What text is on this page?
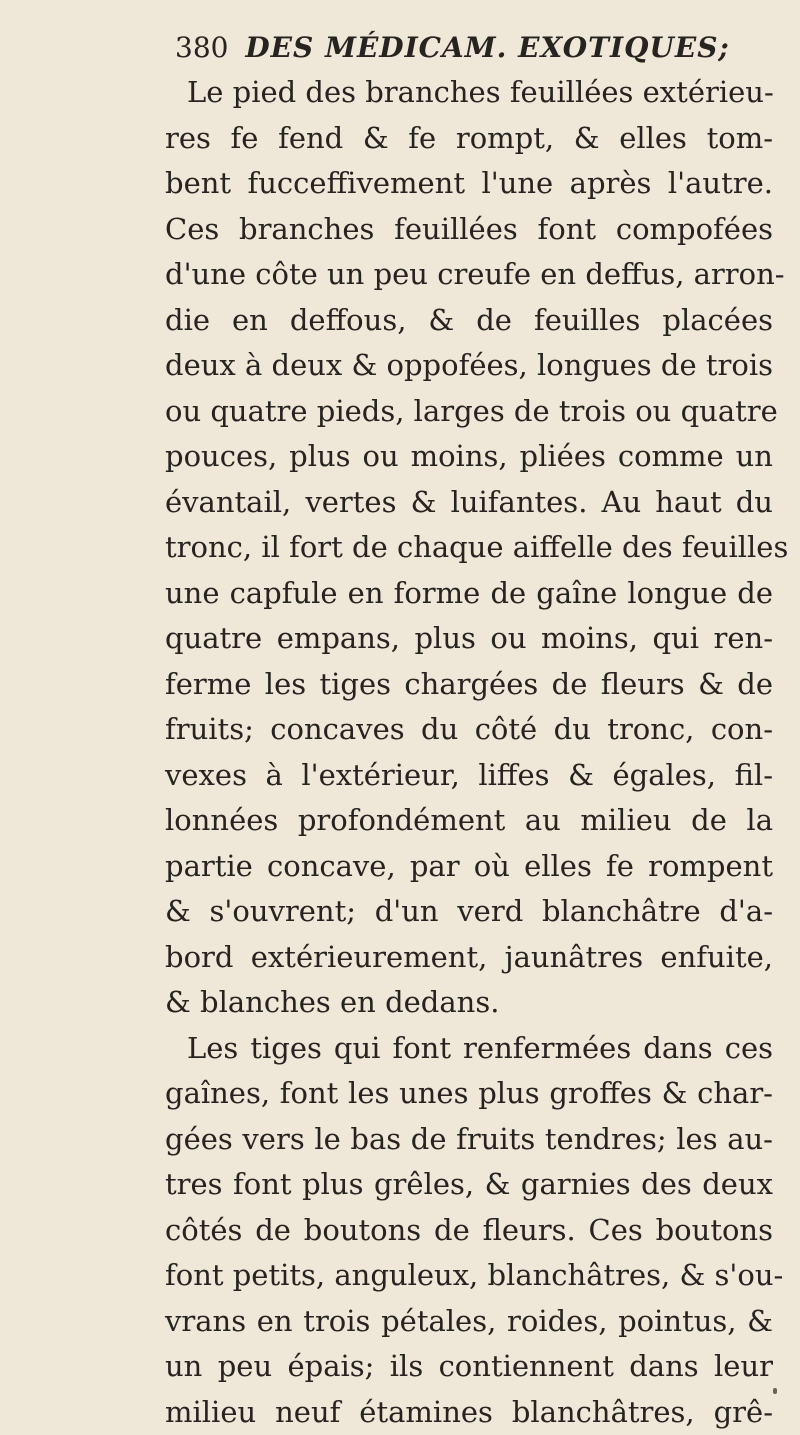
380 DES MÉDICAM. EXOTIQUES;
Le pied des branches feuillées extérieu-
res fe fend & fe rompt, & elles tom-
bent fucceffivement l'une après l'autre.
Ces branches feuillées font compofées
d'une côte un peu creufe en deffus, arron-
die en deffous, & de feuilles placées
deux à deux & oppofées, longues de trois
ou quatre pieds, larges de trois ou quatre
pouces, plus ou moins, pliées comme un
évantail, vertes & luifantes. Au haut du
tronc, il fort de chaque aiffelle des feuilles
une capfule en forme de gaîne longue de
quatre empans, plus ou moins, qui ren-
ferme les tiges chargées de fleurs & de
fruits; concaves du côté du tronc, con-
vexes à l'extérieur, liffes & égales, fil-
lonnées profondément au milieu de la
partie concave, par où elles fe rompent
& s'ouvrent; d'un verd blanchâtre d'a-
bord extérieurement, jaunâtres enfuite,
& blanches en dedans.
Les tiges qui font renfermées dans ces
gaînes, font les unes plus groffes & char-
gées vers le bas de fruits tendres; les au-
tres font plus grêles, & garnies des deux
côtés de boutons de fleurs. Ces boutons
font petits, anguleux, blanchâtres, & s'ou-
vrans en trois pétales, roides, pointus, &
un peu épais; ils contiennent dans leur
milieu neuf étamines blanchâtres, grê-
